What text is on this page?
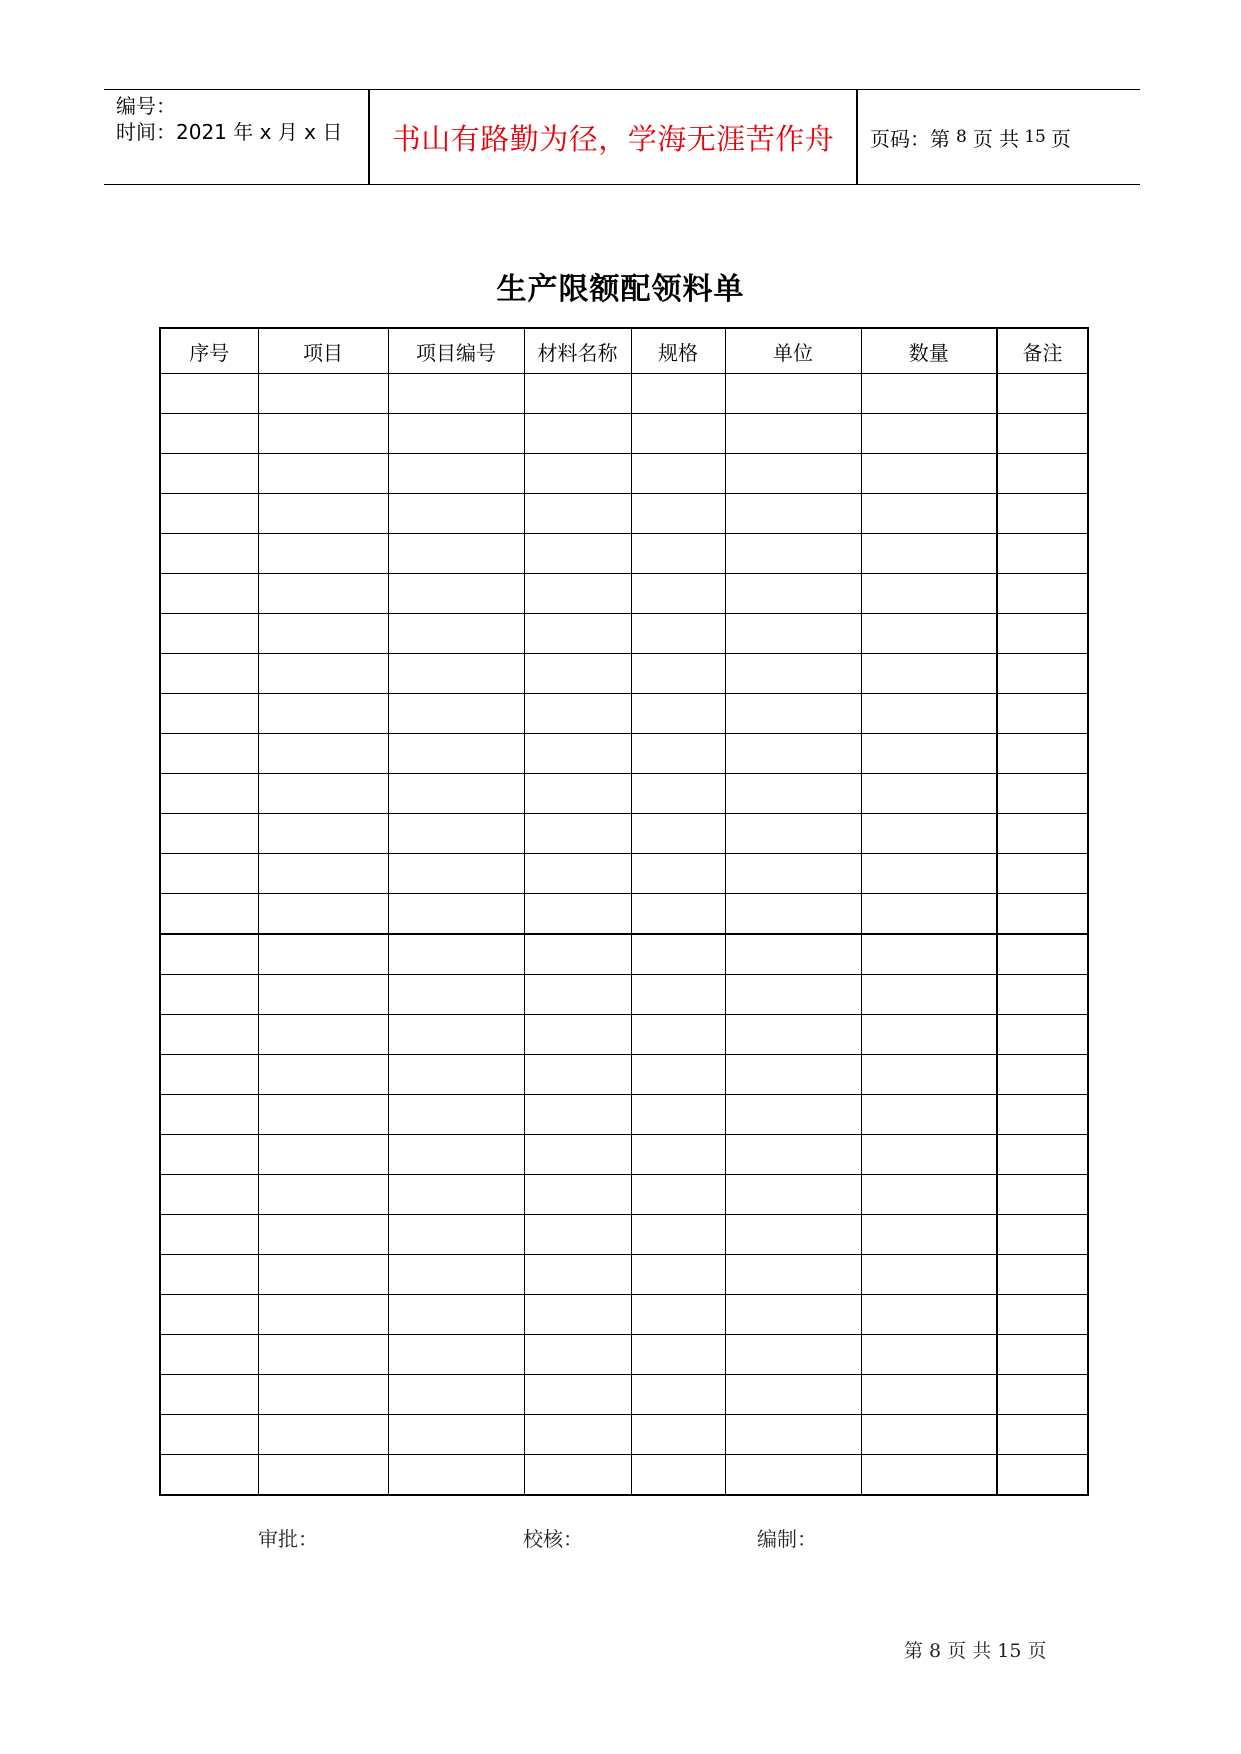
编号：
时间：2021 年 x 月 x 日	书山有路勤为径，学海无涯苦作舟	页码：第 8 页 共 15 页
生产限额配领料单
序号	项目	项目编号	材料名称	规格	单位	数量	备注

审批：	校核：	编制：
第 8 页 共 15 页
